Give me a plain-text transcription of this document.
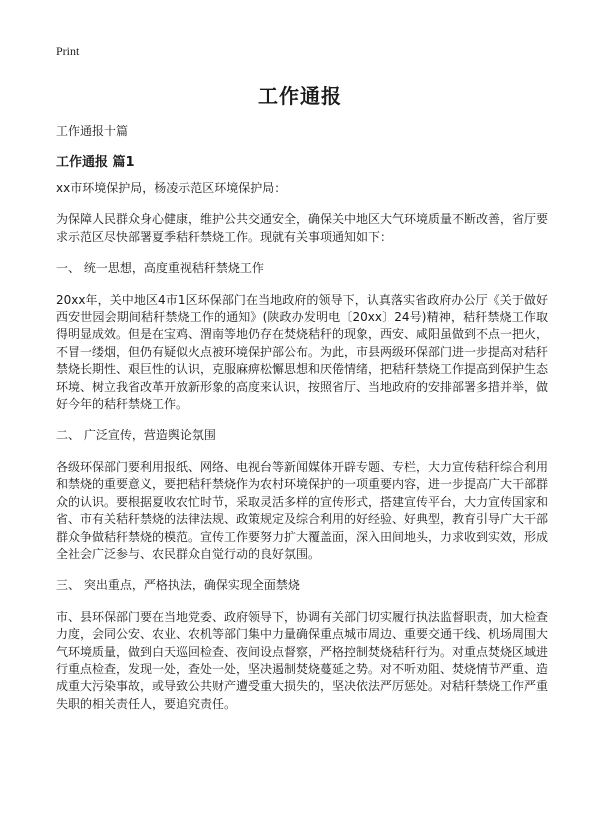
Print
工作通报
工作通报十篇
工作通报 篇1

xx市环境保护局，杨凌示范区环境保护局：

为保障人民群众身心健康，维护公共交通安全，确保关中地区大气环境质量不断改善，省厅要求示范区尽快部署夏季秸秆禁烧工作。现就有关事项通知如下：

一、 统一思想，高度重视秸秆禁烧工作

20xx年，关中地区4市1区环保部门在当地政府的领导下，认真落实省政府办公厅《关于做好西安世园会期间秸秆禁烧工作的通知》(陕政办发明电〔20xx〕24号)精神，秸秆禁烧工作取得明显成效。但是在宝鸡、渭南等地仍存在焚烧秸秆的现象，西安、咸阳虽做到不点一把火，不冒一缕烟，但仍有疑似火点被环境保护部公布。为此，市县两级环保部门进一步提高对秸秆禁烧长期性、艰巨性的认识，克服麻痹松懈思想和厌倦情绪，把秸秆禁烧工作提高到保护生态环境、树立我省改革开放新形象的高度来认识，按照省厅、当地政府的安排部署多措并举，做好今年的秸秆禁烧工作。

二、 广泛宣传，营造舆论氛围

各级环保部门要利用报纸、网络、电视台等新闻媒体开辟专题、专栏，大力宣传秸秆综合利用和禁烧的重要意义，要把秸秆禁烧作为农村环境保护的一项重要内容，进一步提高广大干部群众的认识。要根据夏收农忙时节，采取灵活多样的宣传形式，搭建宣传平台，大力宣传国家和省、市有关秸秆禁烧的法律法规、政策规定及综合利用的好经验、好典型，教育引导广大干部群众争做秸秆禁烧的模范。宣传工作要努力扩大覆盖面，深入田间地头，力求收到实效，形成全社会广泛参与、农民群众自觉行动的良好氛围。

三、 突出重点，严格执法，确保实现全面禁烧

市、县环保部门要在当地党委、政府领导下，协调有关部门切实履行执法监督职责，加大检查力度，会同公安、农业、农机等部门集中力量确保重点城市周边、重要交通干线、机场周围大气环境质量，做到白天巡回检查、夜间设点督察，严格控制焚烧秸秆行为。对重点焚烧区域进行重点检查，发现一处，查处一处，坚决遏制焚烧蔓延之势。对不听劝阻、焚烧情节严重、造成重大污染事故，或导致公共财产遭受重大损失的，坚决依法严厉惩处。对秸秆禁烧工作严重失职的相关责任人，要追究责任。
